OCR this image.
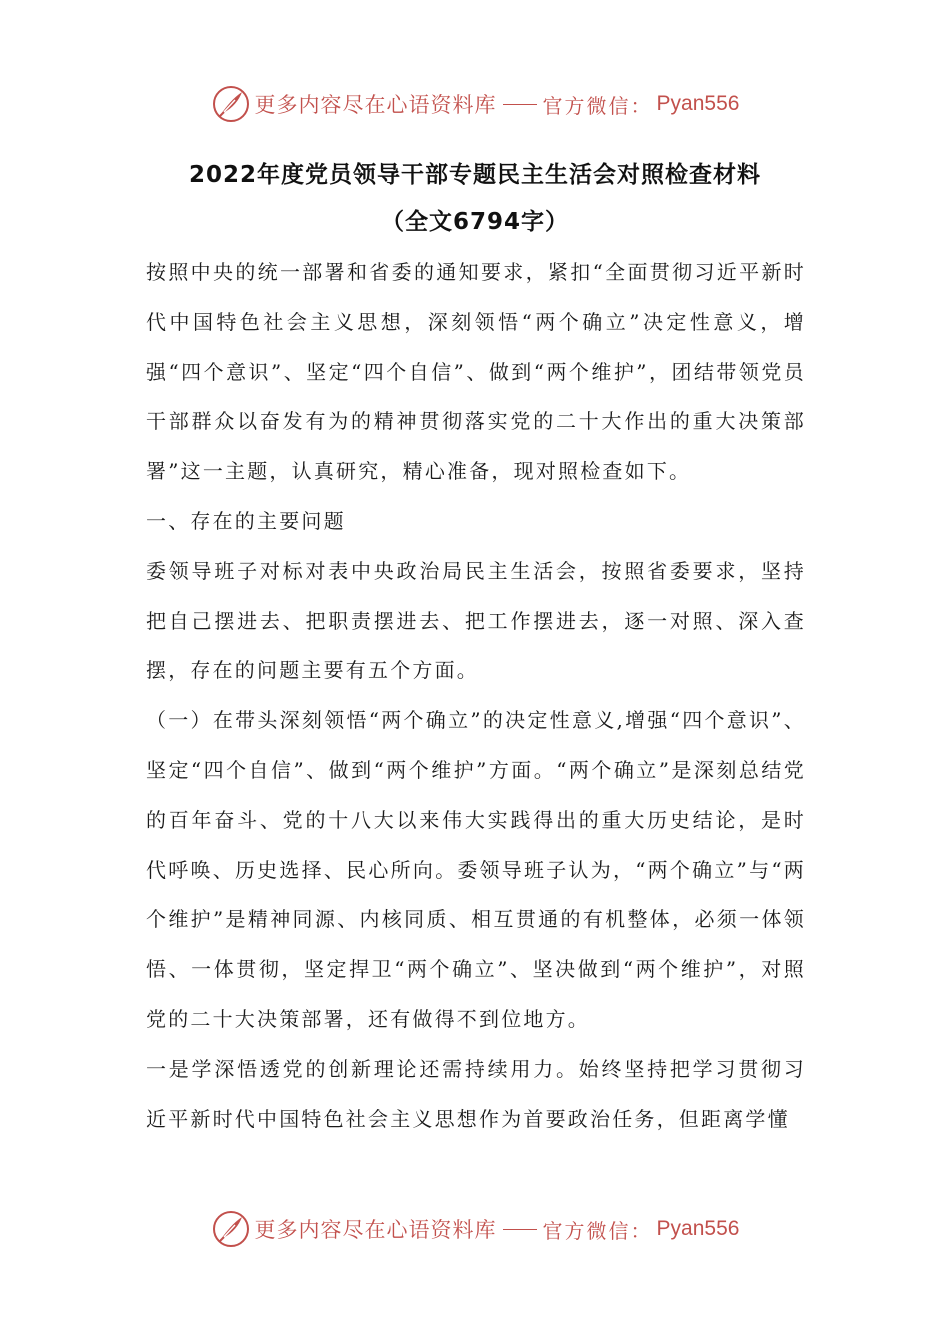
更多内容尽在心语资料库 官方微信： Pyan556
2022年度党员领导干部专题民主生活会对照检查材料
（全文6794字）

按照中央的统一部署和省委的通知要求，紧扣“全面贯彻习近平新时代中国特色社会主义思想，深刻领悟“两个确立”决定性意义，增强“四个意识”、坚定“四个自信”、做到“两个维护”，团结带领党员干部群众以奋发有为的精神贯彻落实党的二十大作出的重大决策部署”这一主题，认真研究，精心准备，现对照检查如下。

一、存在的主要问题

委领导班子对标对表中央政治局民主生活会，按照省委要求，坚持把自己摆进去、把职责摆进去、把工作摆进去，逐一对照、深入查摆，存在的问题主要有五个方面。

（一）在带头深刻领悟“两个确立”的决定性意义,增强“四个意识”、坚定“四个自信”、做到“两个维护”方面。“两个确立”是深刻总结党的百年奋斗、党的十八大以来伟大实践得出的重大历史结论，是时代呼唤、历史选择、民心所向。委领导班子认为，“两个确立”与“两个维护”是精神同源、内核同质、相互贯通的有机整体，必须一体领悟、一体贯彻，坚定捍卫“两个确立”、坚决做到“两个维护”，对照党的二十大决策部署，还有做得不到位地方。

一是学深悟透党的创新理论还需持续用力。始终坚持把学习贯彻习近平新时代中国特色社会主义思想作为首要政治任务，但距离学懂

更多内容尽在心语资料库 官方微信： Pyan556
